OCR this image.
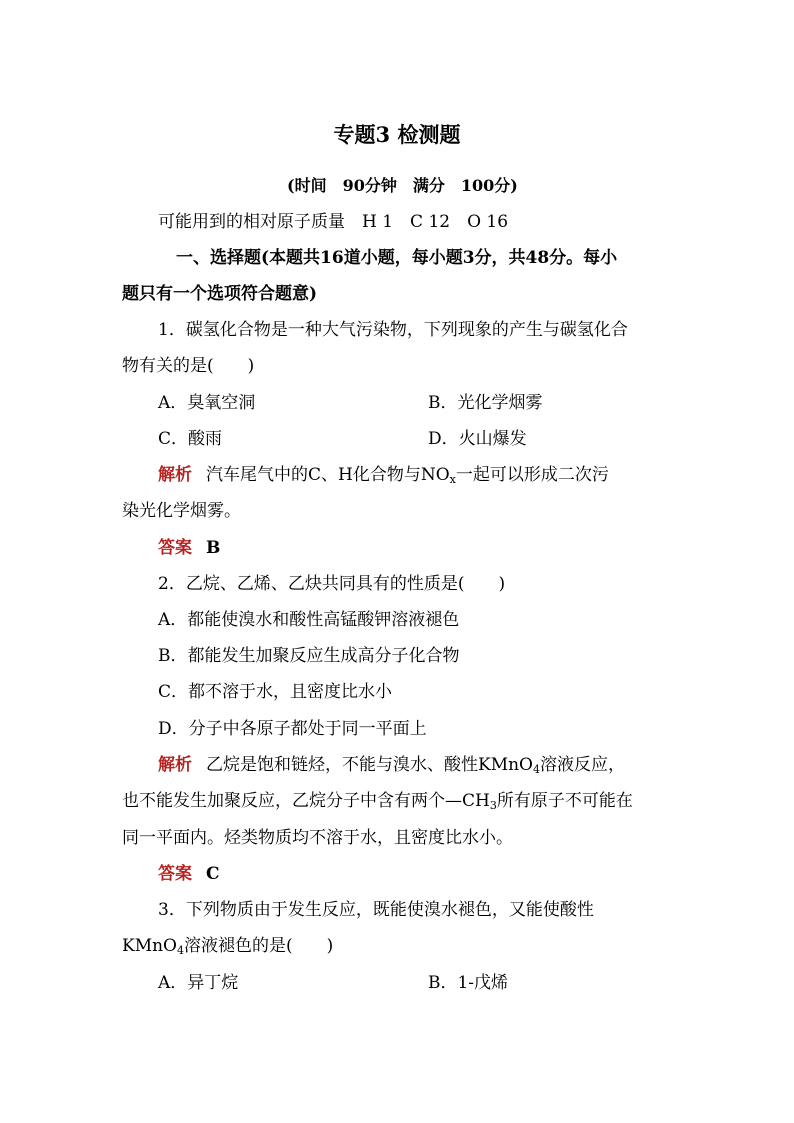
专题3 检测题
(时间　90分钟　满分　100分)
可能用到的相对原子质量　H 1　C 12　O 16
一、选择题(本题共16道小题，每小题3分，共48分。每小
题只有一个选项符合题意)
1．碳氢化合物是一种大气污染物，下列现象的产生与碳氢化合
物有关的是(　　)
A．臭氧空洞	B．光化学烟雾
C．酸雨	D．火山爆发
解析 汽车尾气中的C、H化合物与$NO_x$一起可以形成二次污
染光化学烟雾。
答案 B
2．乙烷、乙烯、乙炔共同具有的性质是(　　)
A．都能使溴水和酸性高锰酸钾溶液褪色
B．都能发生加聚反应生成高分子化合物
C．都不溶于水，且密度比水小
D．分子中各原子都处于同一平面上
解析 乙烷是饱和链烃，不能与溴水、酸性KMnO$_4$溶液反应，
也不能发生加聚反应，乙烷分子中含有两个$—CH_3$所有原子不可能在
同一平面内。烃类物质均不溶于水，且密度比水小。
答案 C
3．下列物质由于发生反应，既能使溴水褪色，又能使酸性
KMnO$_4$溶液褪色的是(　　)
A．异丁烷	B．1-戊烯
